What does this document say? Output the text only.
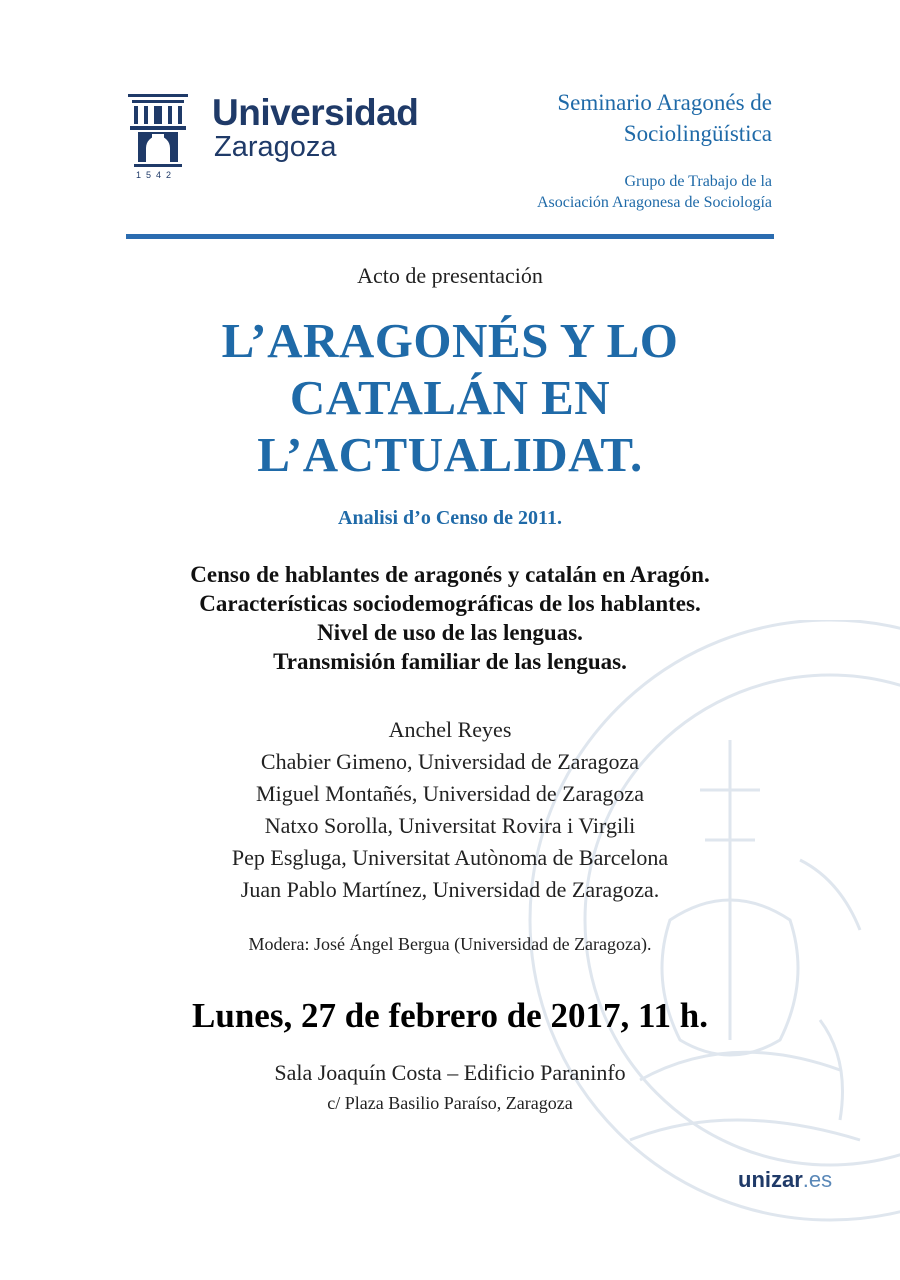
Universidad
Zaragoza
1542
Seminario Aragonés de
Sociolingüística
Grupo de Trabajo de la
Asociación Aragonesa de Sociología
Acto de presentación
L’ARAGONÉS Y LO
CATALÁN EN
L’ACTUALIDAT.
Analisi d’o Censo de 2011.
Censo de hablantes de aragonés y catalán en Aragón.
Características sociodemográficas de los hablantes.
Nivel de uso de las lenguas.
Transmisión familiar de las lenguas.
Anchel Reyes
Chabier Gimeno, Universidad de Zaragoza
Miguel Montañés, Universidad de Zaragoza
Natxo Sorolla, Universitat Rovira i Virgili
Pep Esgluga, Universitat Autònoma de Barcelona
Juan Pablo Martínez, Universidad de Zaragoza.
Modera: José Ángel Bergua (Universidad de Zaragoza).
Lunes, 27 de febrero de 2017, 11 h.
Sala Joaquín Costa – Edificio Paraninfo
c/ Plaza Basilio Paraíso, Zaragoza
unizar.es
